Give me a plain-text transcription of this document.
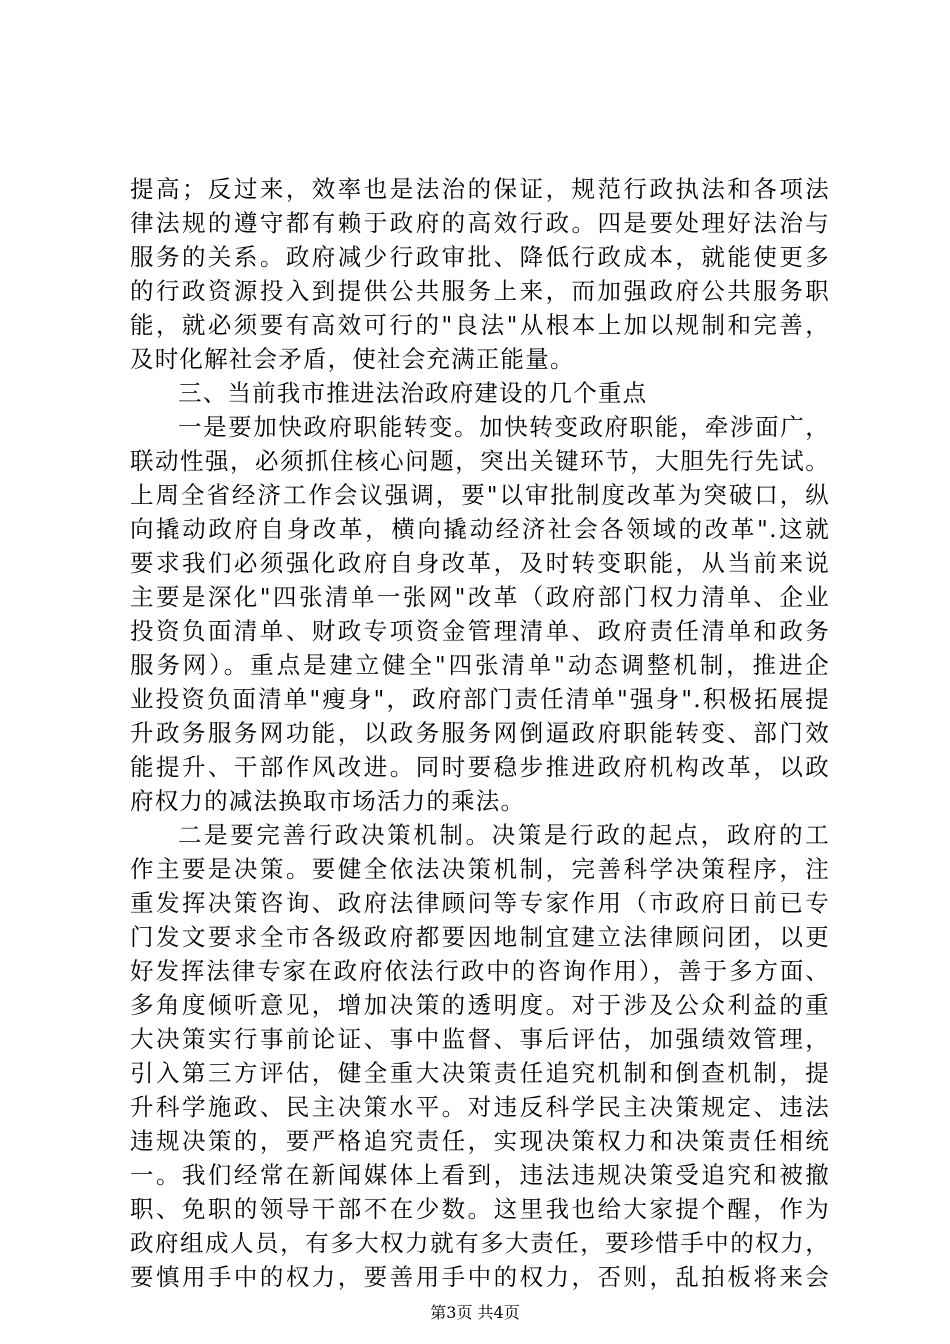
提高；反过来，效率也是法治的保证，规范行政执法和各项法
律法规的遵守都有赖于政府的高效行政。四是要处理好法治与
服务的关系。政府减少行政审批、降低行政成本，就能使更多
的行政资源投入到提供公共服务上来，而加强政府公共服务职
能，就必须要有高效可行的"良法"从根本上加以规制和完善，
及时化解社会矛盾，使社会充满正能量。
三、当前我市推进法治政府建设的几个重点
一是要加快政府职能转变。加快转变政府职能，牵涉面广，
联动性强，必须抓住核心问题，突出关键环节，大胆先行先试。
上周全省经济工作会议强调，要"以审批制度改革为突破口，纵
向撬动政府自身改革，横向撬动经济社会各领域的改革".这就
要求我们必须强化政府自身改革，及时转变职能，从当前来说
主要是深化"四张清单一张网"改革（政府部门权力清单、企业
投资负面清单、财政专项资金管理清单、政府责任清单和政务
服务网）。重点是建立健全"四张清单"动态调整机制，推进企
业投资负面清单"瘦身"，政府部门责任清单"强身".积极拓展提
升政务服务网功能，以政务服务网倒逼政府职能转变、部门效
能提升、干部作风改进。同时要稳步推进政府机构改革，以政
府权力的减法换取市场活力的乘法。
二是要完善行政决策机制。决策是行政的起点，政府的工
作主要是决策。要健全依法决策机制，完善科学决策程序，注
重发挥决策咨询、政府法律顾问等专家作用（市政府日前已专
门发文要求全市各级政府都要因地制宜建立法律顾问团，以更
好发挥法律专家在政府依法行政中的咨询作用），善于多方面、
多角度倾听意见，增加决策的透明度。对于涉及公众利益的重
大决策实行事前论证、事中监督、事后评估，加强绩效管理，
引入第三方评估，健全重大决策责任追究机制和倒查机制，提
升科学施政、民主决策水平。对违反科学民主决策规定、违法
违规决策的，要严格追究责任，实现决策权力和决策责任相统
一。我们经常在新闻媒体上看到，违法违规决策受追究和被撤
职、免职的领导干部不在少数。这里我也给大家提个醒，作为
政府组成人员，有多大权力就有多大责任，要珍惜手中的权力，
要慎用手中的权力，要善用手中的权力，否则，乱拍板将来会
第3页 共4页
